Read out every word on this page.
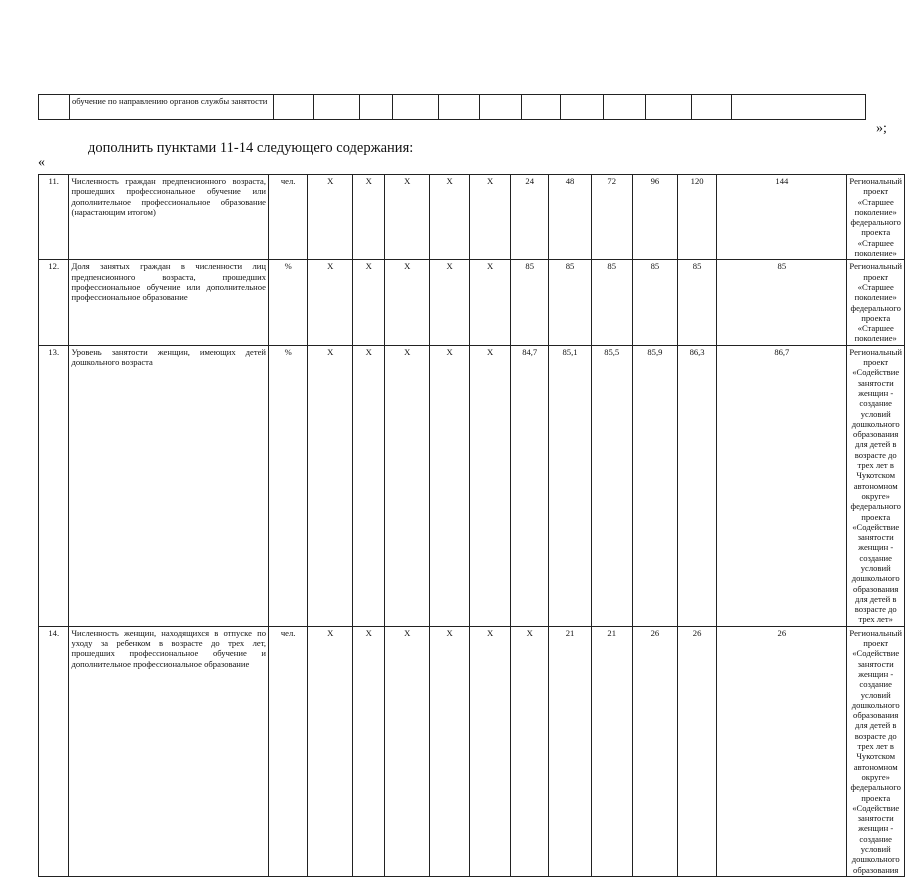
	обучение по направлению органов службы занятости												
»;
дополнить пунктами 11-14 следующего содержания:
«
11.	Численность граждан предпенсионного возраста, прошедших профессиональное обучение или дополнительное профессиональное образование (нарастающим итогом)	чел.	Х	Х	Х	Х	Х	24	48	72	96	120	144	Региональный проект «Старшее поколение» федерального проекта «Старшее поколение»
12.	Доля занятых граждан в численности лиц предпенсионного возраста, прошедших профессиональное обучение или дополнительное профессиональное образование	%	Х	Х	Х	Х	Х	85	85	85	85	85	85	Региональный проект «Старшее поколение» федерального проекта «Старшее поколение»
13.	Уровень занятости женщин, имеющих детей дошкольного возраста	%	Х	Х	Х	Х	Х	84,7	85,1	85,5	85,9	86,3	86,7	Региональный проект «Содействие занятости женщин - создание условий дошкольного образования для детей в возрасте до трех лет в Чукотском автономном округе» федерального проекта «Содействие занятости женщин - создание условий дошкольного образования для детей в возрасте до трех лет»
14.	Численность женщин, находящихся в отпуске по уходу за ребенком в возрасте до трех лет, прошедших профессиональное обучение и дополнительное профессиональное образование	чел.	Х	Х	Х	Х	Х	Х	21	21	26	26	26	Региональный проект «Содействие занятости женщин - создание условий дошкольного образования для детей в возрасте до трех лет в Чукотском автономном округе» федерального проекта «Содействие занятости женщин - создание условий дошкольного образования
